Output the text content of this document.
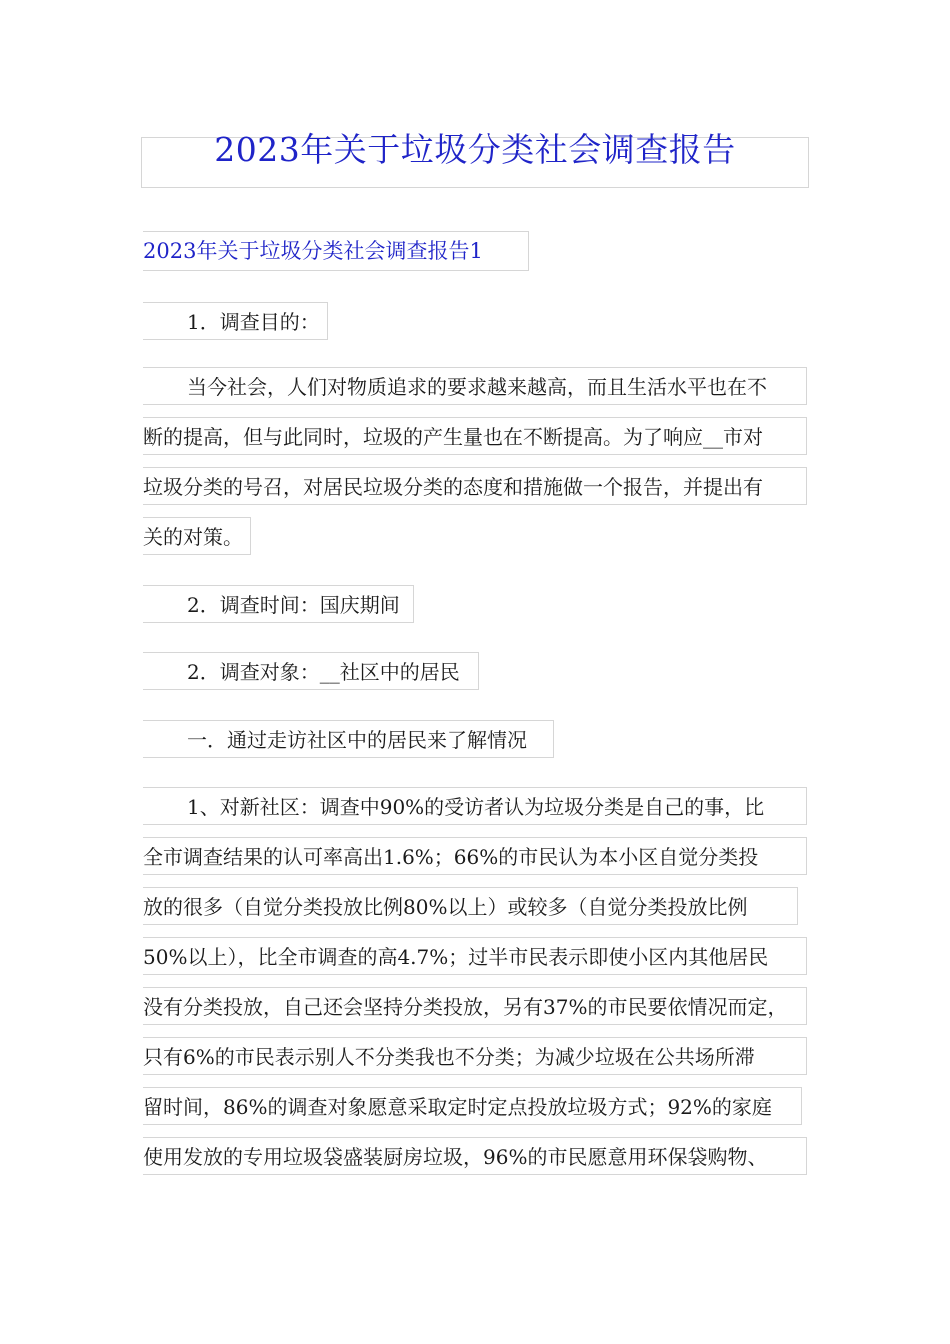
2023年关于垃圾分类社会调查报告
2023年关于垃圾分类社会调查报告1
1．调查目的：
当今社会，人们对物质追求的要求越来越高，而且生活水平也在不
断的提高，但与此同时，垃圾的产生量也在不断提高。为了响应__市对
垃圾分类的号召，对居民垃圾分类的态度和措施做一个报告，并提出有
关的对策。
2．调查时间：国庆期间
2．调查对象：__社区中的居民
一．通过走访社区中的居民来了解情况
1、对新社区：调查中90%的受访者认为垃圾分类是自己的事，比
全市调查结果的认可率高出1.6%；66%的市民认为本小区自觉分类投
放的很多（自觉分类投放比例80%以上）或较多（自觉分类投放比例
50%以上），比全市调查的高4.7%；过半市民表示即使小区内其他居民
没有分类投放，自己还会坚持分类投放，另有37%的市民要依情况而定，
只有6%的市民表示别人不分类我也不分类；为减少垃圾在公共场所滞
留时间，86%的调查对象愿意采取定时定点投放垃圾方式；92%的家庭
使用发放的专用垃圾袋盛装厨房垃圾，96%的市民愿意用环保袋购物、
